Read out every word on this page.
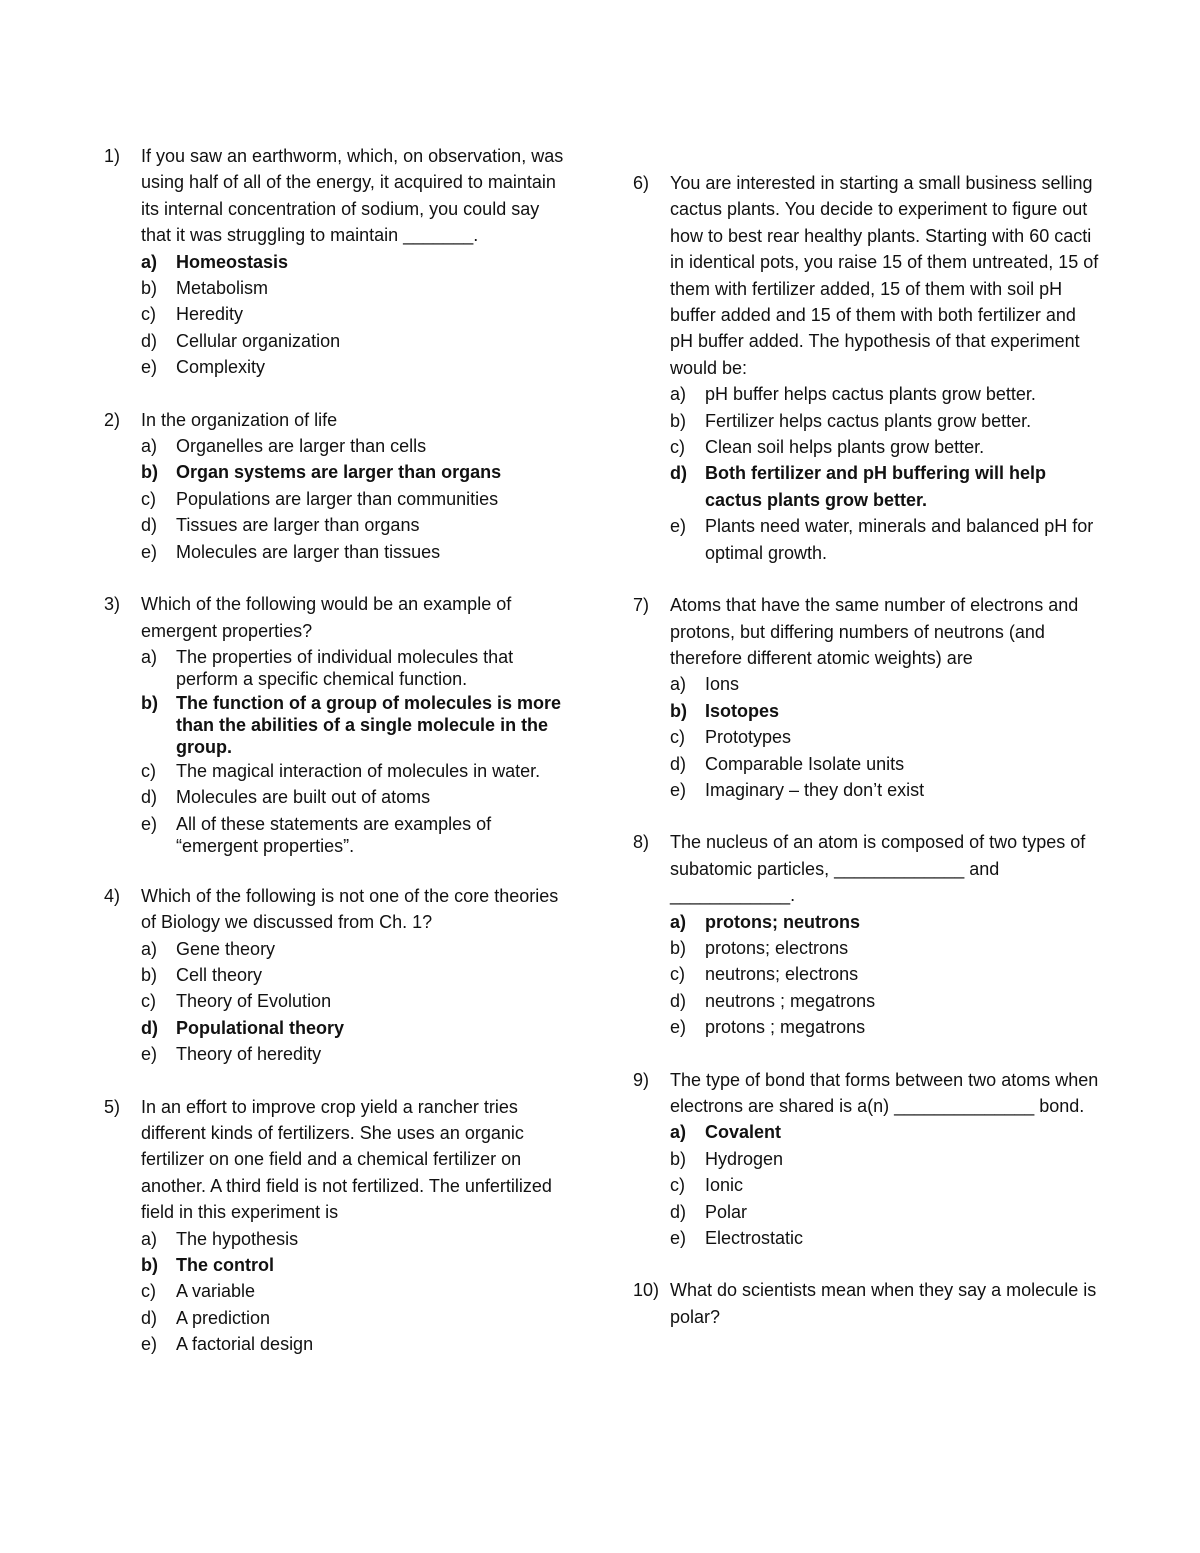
1)	If you saw an earthworm, which, on observation, was using half of all of the energy, it acquired to maintain its internal concentration of sodium, you could say that it was struggling to maintain _______.
a)	Homeostasis
b)	Metabolism
c)	Heredity
d)	Cellular organization
e)	Complexity
2)	In the organization of life
a)	Organelles are larger than cells
b)	Organ systems are larger than organs
c)	Populations are larger than communities
d)	Tissues are larger than organs
e)	Molecules are larger than tissues
3)	Which of the following would be an example of emergent properties?
a)	The properties of individual molecules that perform a specific chemical function.
b)	The function of a group of molecules is more than the abilities of a single molecule in the group.
c)	The magical interaction of molecules in water.
d)	Molecules are built out of atoms
e)	All of these statements are examples of “emergent properties”.
4)	Which of the following is not one of the core theories of Biology we discussed from Ch. 1?
a)	Gene theory
b)	Cell theory
c)	Theory of Evolution
d)	Populational theory
e)	Theory of heredity
5)	In an effort to improve crop yield a rancher tries different kinds of fertilizers. She uses an organic fertilizer on one field and a chemical fertilizer on another. A third field is not fertilized. The unfertilized field in this experiment is
a)	The hypothesis
b)	The control
c)	A variable
d)	A prediction
e)	A factorial design
6)	You are interested in starting a small business selling cactus plants. You decide to experiment to figure out how to best rear healthy plants. Starting with 60 cacti in identical pots, you raise 15 of them untreated, 15 of them with fertilizer added, 15 of them with soil pH buffer added and 15 of them with both fertilizer and pH buffer added. The hypothesis of that experiment would be:
a)	pH buffer helps cactus plants grow better.
b)	Fertilizer helps cactus plants grow better.
c)	Clean soil helps plants grow better.
d)	Both fertilizer and pH buffering will help cactus plants grow better.
e)	Plants need water, minerals and balanced pH for optimal growth.
7)	Atoms that have the same number of electrons and protons, but differing numbers of neutrons (and therefore different atomic weights) are
a)	Ions
b)	Isotopes
c)	Prototypes
d)	Comparable Isolate units
e)	Imaginary – they don’t exist
8)	The nucleus of an atom is composed of two types of subatomic particles, _____________ and ____________.
a)	protons; neutrons
b)	protons; electrons
c)	neutrons; electrons
d)	neutrons ; megatrons
e)	protons ; megatrons
9)	The type of bond that forms between two atoms when electrons are shared is a(n) ______________ bond.
a)	Covalent
b)	Hydrogen
c)	Ionic
d)	Polar
e)	Electrostatic
10) What do scientists mean when they say a molecule is polar?
